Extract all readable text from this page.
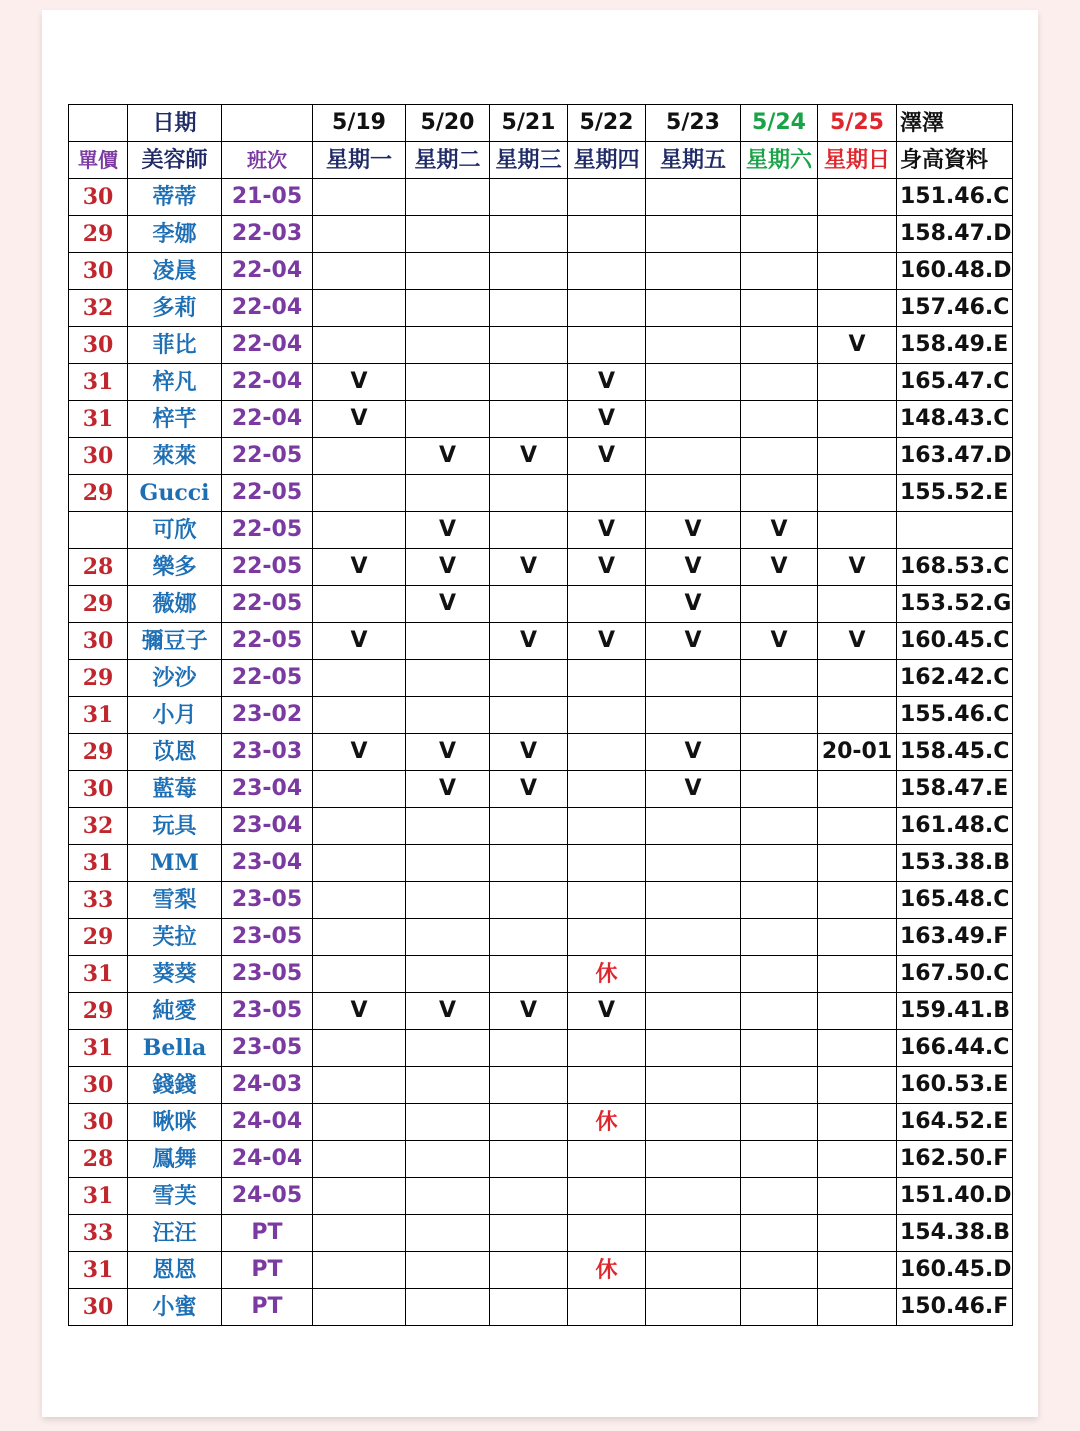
	日期		5/19	5/20	5/21	5/22	5/23	5/24	5/25	澤澤
單價	美容師	班次	星期一	星期二	星期三	星期四	星期五	星期六	星期日	身高資料
30	蒂蒂	21-05								151.46.C
29	李娜	22-03								158.47.D
30	凌晨	22-04								160.48.D
32	多莉	22-04								157.46.C
30	菲比	22-04							V	158.49.E
31	梓凡	22-04	V			V				165.47.C
31	梓芊	22-04	V			V				148.43.C
30	萊萊	22-05		V	V	V				163.47.D
29	Gucci	22-05								155.52.E
	可欣	22-05		V		V	V	V		
28	樂多	22-05	V	V	V	V	V	V	V	168.53.C
29	薇娜	22-05		V			V			153.52.G
30	彌豆子	22-05	V		V	V	V	V	V	160.45.C
29	沙沙	22-05								162.42.C
31	小月	23-02								155.46.C
29	苡恩	23-03	V	V	V		V		20-01	158.45.C
30	藍莓	23-04		V	V		V			158.47.E
32	玩具	23-04								161.48.C
31	MM	23-04								153.38.B
33	雪梨	23-05								165.48.C
29	芙拉	23-05								163.49.F
31	葵葵	23-05				休				167.50.C
29	純愛	23-05	V	V	V	V				159.41.B
31	Bella	23-05								166.44.C
30	錢錢	24-03								160.53.E
30	啾咪	24-04				休				164.52.E
28	鳳舞	24-04								162.50.F
31	雪芙	24-05								151.40.D
33	汪汪	PT								154.38.B
31	恩恩	PT				休				160.45.D
30	小蜜	PT								150.46.F
